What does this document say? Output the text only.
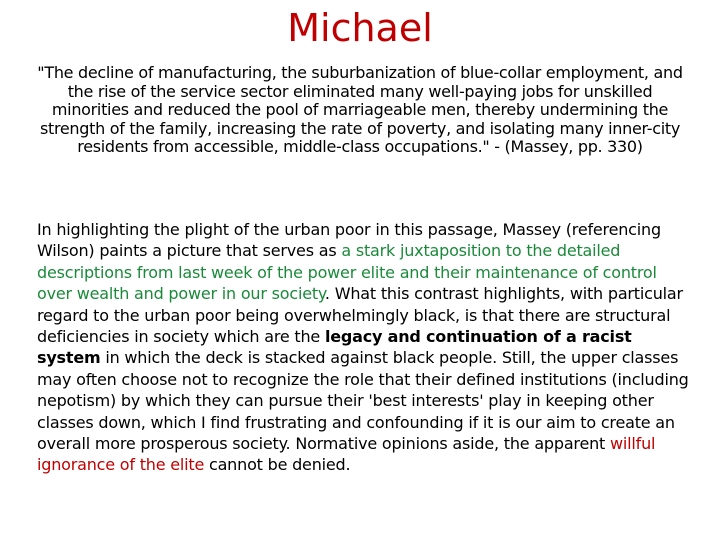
Michael
"The decline of manufacturing, the suburbanization of blue-collar employment, and the rise of the service sector eliminated many well-paying jobs for unskilled minorities and reduced the pool of marriageable men, thereby undermining the strength of the family, increasing the rate of poverty, and isolating many inner-city residents from accessible, middle-class occupations." - (Massey, pp. 330)
In highlighting the plight of the urban poor in this passage, Massey (referencing Wilson) paints a picture that serves as a stark juxtaposition to the detailed descriptions from last week of the power elite and their maintenance of control over wealth and power in our society. What this contrast highlights, with particular regard to the urban poor being overwhelmingly black, is that there are structural deficiencies in society which are the legacy and continuation of a racist system in which the deck is stacked against black people. Still, the upper classes may often choose not to recognize the role that their defined institutions (including nepotism) by which they can pursue their 'best interests' play in keeping other classes down, which I find frustrating and confounding if it is our aim to create an overall more prosperous society. Normative opinions aside, the apparent willful ignorance of the elite cannot be denied.
